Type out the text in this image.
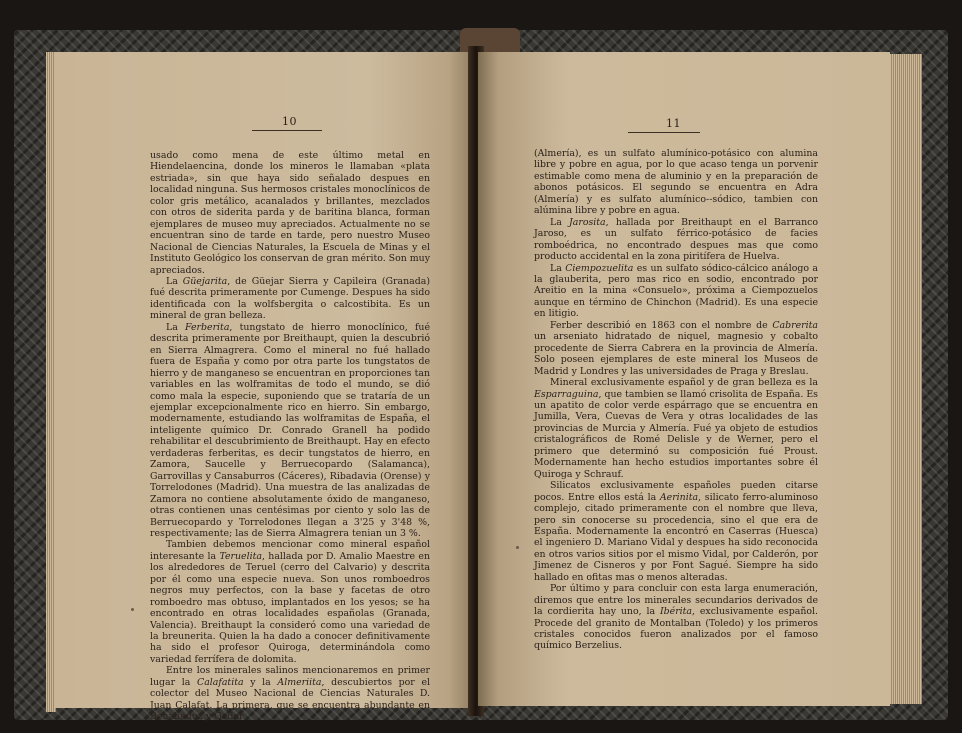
10

usado como mena de este último metal en Hiendelaencina, donde los mineros le llamaban «plata estriada», sin que haya sido señalado despues en localidad ninguna. Sus hermosos cristales monoclínicos de color gris metálico, acanalados y brillantes, mezclados con otros de siderita parda y de baritina blanca, forman ejemplares de museo muy apreciados. Actualmente no se encuentran sino de tarde en tarde, pero nuestro Museo Nacional de Ciencias Naturales, la Escuela de Minas y el Instituto Geológico los conservan de gran mérito. Son muy apreciados.

La Güejarita, de Güejar Sierra y Capileira (Granada) fué descrita primeramente por Cumenge. Despues ha sido identificada con la wolfsbergita o calcostibita. Es un mineral de gran belleza.

La Ferberita, tungstato de hierro monoclínico, fué descrita primeramente por Breithaupt, quien la descubrió en Sierra Almagrera. Como el mineral no fué hallado fuera de España y como por otra parte los tungstatos de hierro y de manganeso se encuentran en proporciones tan variables en las wolframitas de todo el mundo, se dió como mala la especie, suponiendo que se trataría de un ejemplar excepcionalmente rico en hierro. Sin embargo, modernamente, estudiando las wolframitas de España, el inteligente químico Dr. Conrado Granell ha podido rehabilitar el descubrimiento de Breithaupt. Hay en efecto verdaderas ferberitas, es decir tungstatos de hierro, en Zamora, Saucelle y Berruecopardo (Salamanca), Garrovillas y Cansaburros (Cáceres), Ribadavia (Orense) y Torrelodones (Madrid). Una muestra de las analizadas de Zamora no contiene absolutamente óxido de manganeso, otras contienen unas centésimas por ciento y solo las de Berruecopardo y Torrelodones llegan a 3'25 y 3'48 %, respectivamente; las de Sierra Almagrera tenian un 3 %.

Tambien debemos mencionar como mineral español interesante la Teruelita, hallada por D. Amalio Maestre en los alrededores de Teruel (cerro del Calvario) y descrita por él como una especie nueva. Son unos romboedros negros muy perfectos, con la base y facetas de otro romboedro mas obtuso, implantados en los yesos; se ha encontrado en otras localidades españolas (Granada, Valencia). Breithaupt la consideró como una variedad de la breunerita. Quien la ha dado a conocer definitivamente ha sido el profesor Quiroga, determinándola como variedad ferrífera de dolomita.

Entre los minerales salinos mencionaremos en primer lugar la Calafatita y la Almeriita, descubiertos por el colector del Museo Nacional de Ciencias Naturales D. Juan Calafat. La primera, que se encuentra abundante en Benahadux y Gador

11

(Almería), es un sulfato alumínico-potásico con alumina libre y pobre en agua, por lo que acaso tenga un porvenir estimable como mena de aluminio y en la preparación de abonos potásicos. El segundo se encuentra en Adra (Almería) y es sulfato alumínico--sódico, tambien con alúmina libre y pobre en agua.

La Jarosita, hallada por Breithaupt en el Barranco Jaroso, es un sulfato férrico-potásico de facies romboédrica, no encontrado despues mas que como producto accidental en la zona piritífera de Huelva.

La Ciempozuelita es un sulfato sódico-cálcico análogo a la glauberita, pero mas rico en sodio, encontrado por Areitio en la mina «Consuelo», próxima a Ciempozuelos aunque en término de Chinchon (Madrid). Es una especie en litigio.

Ferber describió en 1863 con el nombre de Cabrerita un arseniato hidratado de niquel, magnesio y cobalto procedente de Sierra Cabrera en la provincia de Almería. Solo poseen ejemplares de este mineral los Museos de Madrid y Londres y las universidades de Praga y Breslau.

Mineral exclusivamente español y de gran belleza es la Esparraguina, que tambien se llamó crisolita de España. Es un apatito de color verde espárrago que se encuentra en Jumilla, Vera, Cuevas de Vera y otras localidades de las provincias de Murcia y Almería. Fué ya objeto de estudios cristalográficos de Romé Delisle y de Werner, pero el primero que determinó su composición fué Proust. Modernamente han hecho estudios importantes sobre él Quiroga y Schrauf.

Silicatos exclusivamente españoles pueden citarse pocos. Entre ellos está la Aerinita, silicato ferro-aluminoso complejo, citado primeramente con el nombre que lleva, pero sin conocerse su procedencia, sino el que era de España. Modernamente la encontró en Caserras (Huesca) el ingeniero D. Mariano Vidal y despues ha sido reconocida en otros varios sitios por el mismo Vidal, por Calderón, por Jimenez de Cisneros y por Font Sagué. Siempre ha sido hallado en ofitas mas o menos alteradas.

Por último y para concluir con esta larga enumeración, diremos que entre los minerales secundarios derivados de la cordierita hay uno, la Ibérita, exclusivamente español. Procede del granito de Montalban (Toledo) y los primeros cristales conocidos fueron analizados por el famoso químico Berzelius.
